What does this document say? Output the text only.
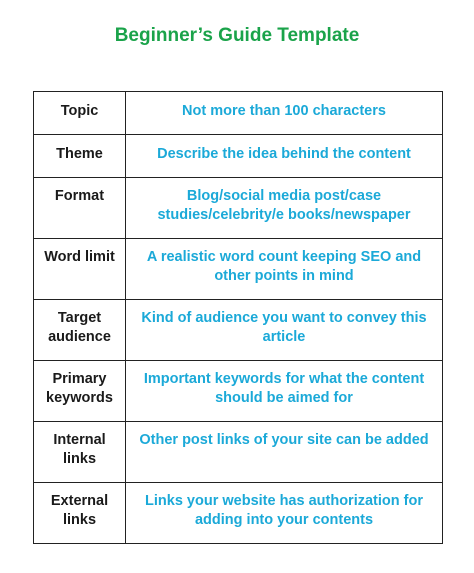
Beginner’s Guide Template
Topic	Not more than 100 characters

Theme	Describe the idea behind the content

Format	Blog/social media post/case studies/celebrity/e books/newspaper

Word limit	A realistic word count keeping SEO and other points in mind

Target audience	Kind of audience you want to convey this article

Primary keywords	Important keywords for what the content should be aimed for

Internal links	Other post links of your site can be added

External links	Links your website has authorization for adding into your contents
